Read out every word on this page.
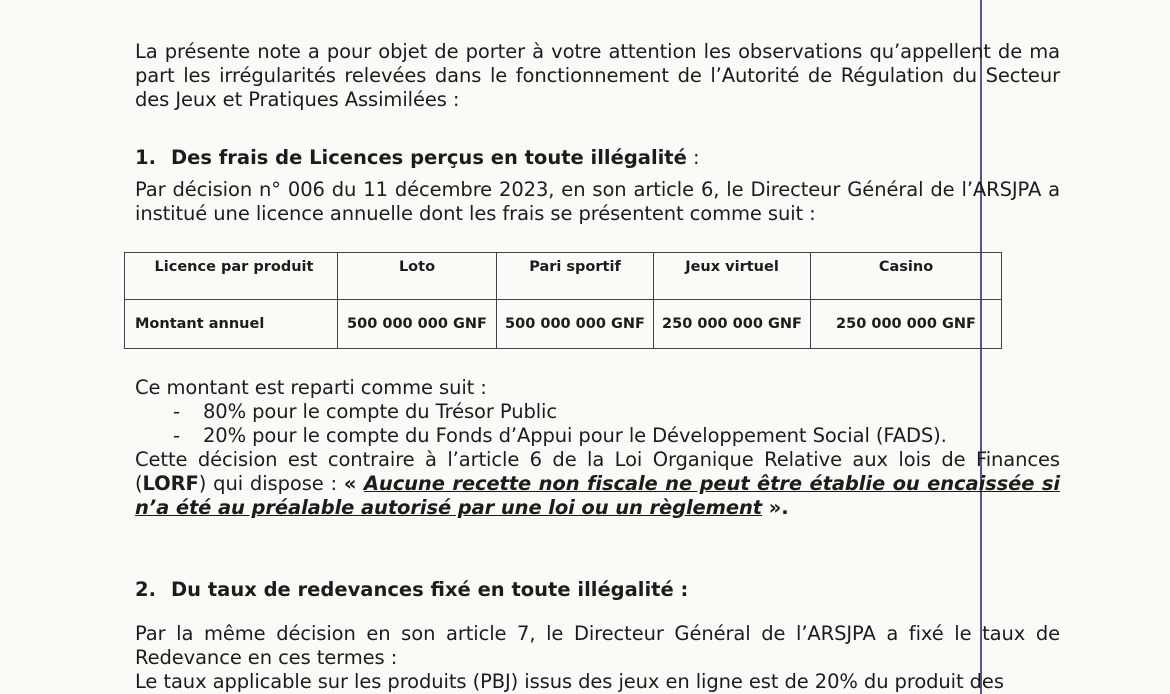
La présente note a pour objet de porter à votre attention les observations qu’appellent de ma part les irrégularités relevées dans le fonctionnement de l’Autorité de Régulation du Secteur des Jeux et Pratiques Assimilées :

1. Des frais de Licences perçus en toute illégalité :

Par décision n° 006 du 11 décembre 2023, en son article 6, le Directeur Général de l’ARSJPA a institué une licence annuelle dont les frais se présentent comme suit :

Licence par produit	Loto	Pari sportif	Jeux virtuel	Casino
Montant annuel	500 000 000 GNF	500 000 000 GNF	250 000 000 GNF	250 000 000 GNF

Ce montant est reparti comme suit :

- 80% pour le compte du Trésor Public
- 20% pour le compte du Fonds d’Appui pour le Développement Social (FADS).

Cette décision est contraire à l’article 6 de la Loi Organique Relative aux lois de Finances (LORF) qui dispose : « Aucune recette non fiscale ne peut être établie ou encaissée si n’a été au préalable autorisé par une loi ou un règlement ».

2. Du taux de redevances fixé en toute illégalité :

Par la même décision en son article 7, le Directeur Général de l’ARSJPA a fixé le taux de Redevance en ces termes :

Le taux applicable sur les produits (PBJ) issus des jeux en ligne est de 20% du produit des
